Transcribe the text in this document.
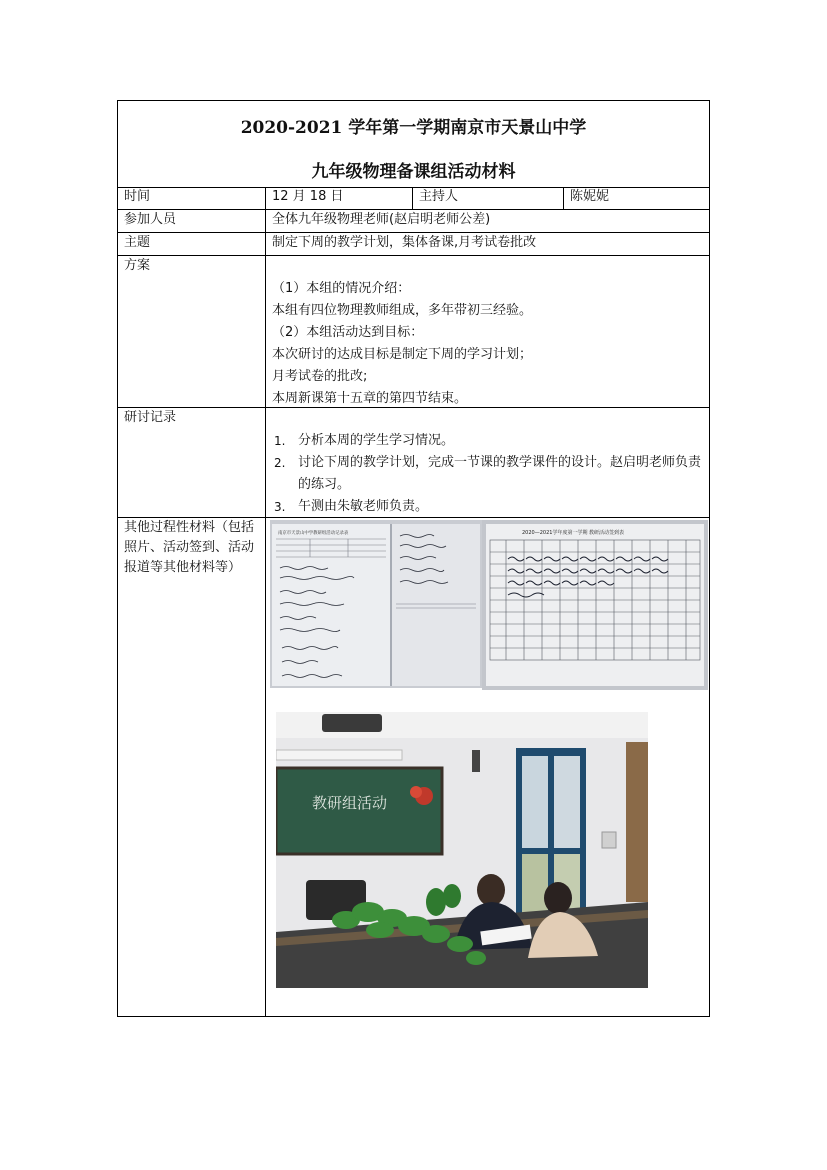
2020-2021 学年第一学期南京市天景山中学
九年级物理备课组活动材料
时间	12 月 18 日	主持人	陈妮妮
参加人员	全体九年级物理老师(赵启明老师公差)
主题	制定下周的教学计划，集体备课,月考试卷批改
方案
（1）本组的情况介绍：
本组有四位物理教师组成，多年带初三经验。
（2）本组活动达到目标：
本次研讨的达成目标是制定下周的学习计划；
月考试卷的批改;
本周新课第十五章的第四节结束。
研讨记录
1. 分析本周的学生学习情况。
2. 讨论下周的教学计划，完成一节课的教学课件的设计。赵启明老师负责的练习。
3. 午测由朱敏老师负责。
其他过程性材料（包括照片、活动签到、活动报道等其他材料等）
南京市天景山中学教研组活动记录表	2020—2021学年度第一学期 教研活动签到表
教研组活动
